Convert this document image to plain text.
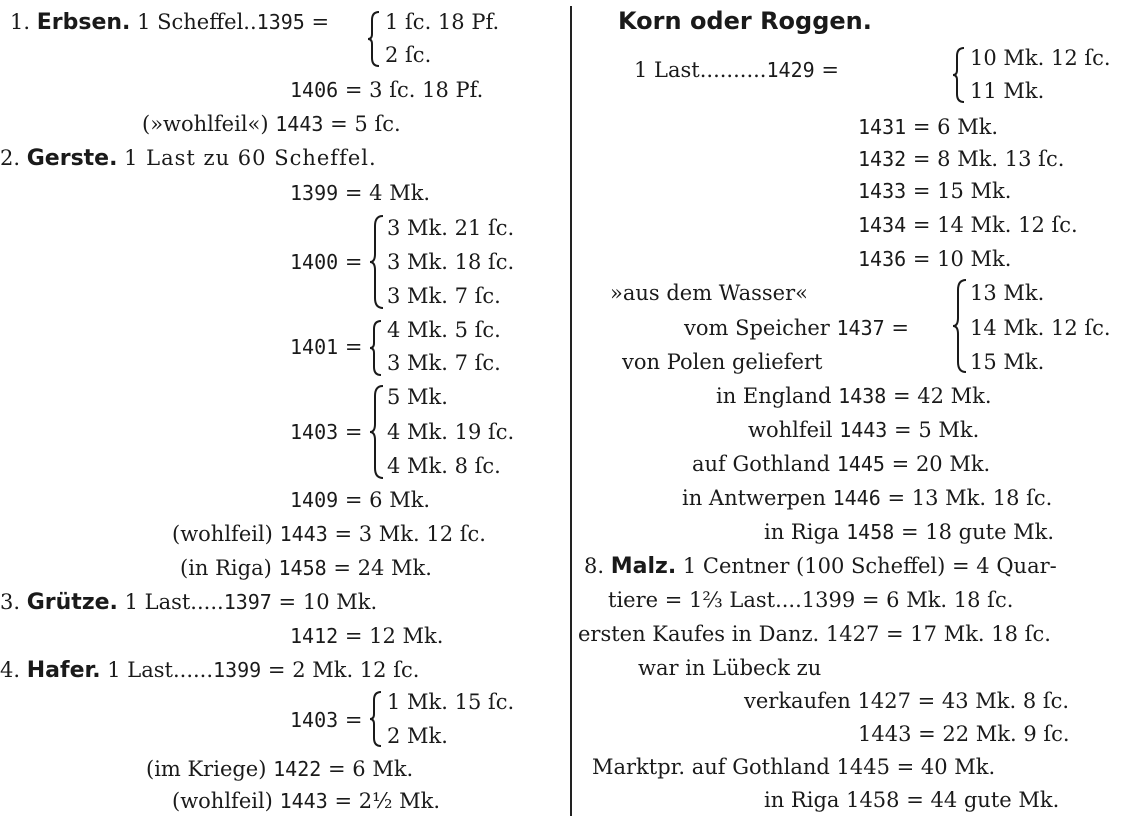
1. Erbsen. 1 Scheffel..1395 =	1 ſc. 18 Pf.
2 ſc.
1406 = 3 ſc. 18 Pf.
(»wohlfeil«) 1443 = 5 ſc.
2. Gerste. 1 Last zu 60 Scheffel.
1399 = 4 Mk.
1400 =
3 Mk. 21 ſc.
3 Mk. 18 ſc.
3 Mk. 7 ſc.
1401 =
4 Mk. 5 ſc.
3 Mk. 7 ſc.
1403 =
5 Mk.
4 Mk. 19 ſc.
4 Mk. 8 ſc.
1409 = 6 Mk.
(wohlfeil) 1443 = 3 Mk. 12 ſc.
(in Riga) 1458 = 24 Mk.
3. Grütze. 1 Last.....1397 = 10 Mk.
1412 = 12 Mk.
4. Hafer. 1 Last......1399 = 2 Mk. 12 ſc.
1403 =
1 Mk. 15 ſc.
2 Mk.
(im Kriege) 1422 = 6 Mk.
(wohlfeil) 1443 = 2½ Mk.
Korn oder Roggen.
1 Last..........1429 =	10 Mk. 12 ſc.
11 Mk.
1431 = 6 Mk.
1432 = 8 Mk. 13 ſc.
1433 = 15 Mk.
1434 = 14 Mk. 12 ſc.
1436 = 10 Mk.
»aus dem Wasser«
vom Speicher 1437 =
von Polen geliefert
13 Mk.
14 Mk. 12 ſc.
15 Mk.
in England 1438 = 42 Mk.
wohlfeil 1443 = 5 Mk.
auf Gothland 1445 = 20 Mk.
in Antwerpen 1446 = 13 Mk. 18 ſc.
in Riga 1458 = 18 gute Mk.
8. Malz. 1 Centner (100 Scheffel) = 4 Quar-
tiere = 1⅔ Last....1399 = 6 Mk. 18 ſc.
ersten Kaufes in Danz. 1427 = 17 Mk. 18 ſc.
war in Lübeck zu
verkaufen 1427 = 43 Mk. 8 ſc.
1443 = 22 Mk. 9 ſc.
Marktpr. auf Gothland 1445 = 40 Mk.
in Riga 1458 = 44 gute Mk.
